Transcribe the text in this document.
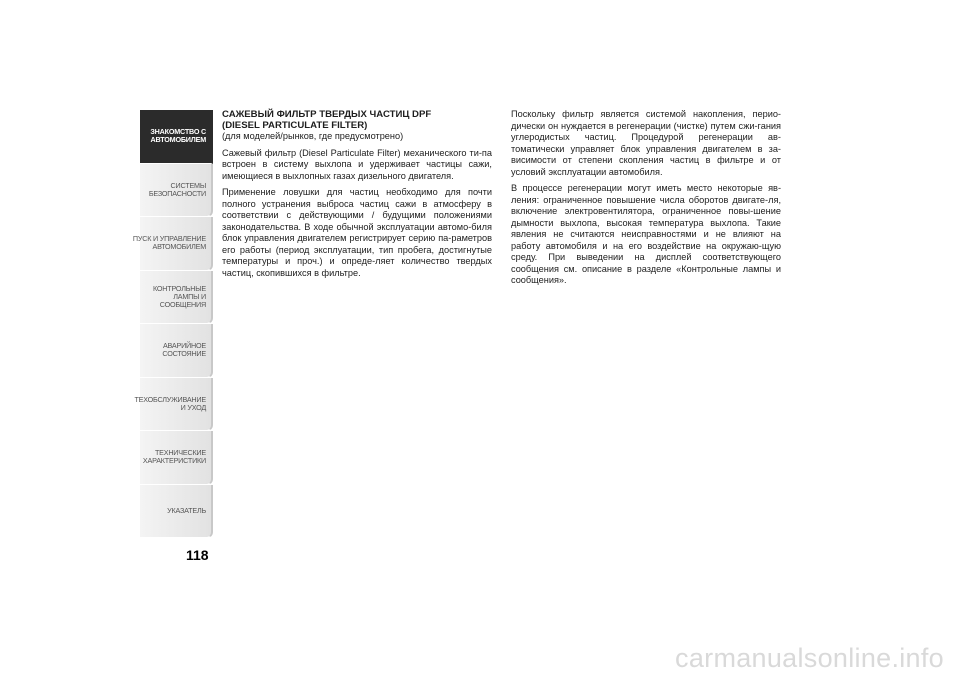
ЗНАКОМСТВО С
АВТОМОБИЛЕМ
СИСТЕМЫ
БЕЗОПАСНОСТИ
ПУСК И УПРАВЛЕНИЕ
АВТОМОБИЛЕМ
КОНТРОЛЬНЫЕ
ЛАМПЫ И
СООБЩЕНИЯ
АВАРИЙНОЕ
СОСТОЯНИЕ
ТЕХОБСЛУЖИВАНИЕ
И УХОД
ТЕХНИЧЕСКИЕ
ХАРАКТЕРИСТИКИ
УКАЗАТЕЛЬ
118

САЖЕВЫЙ ФИЛЬТР ТВЕРДЫХ ЧАСТИЦ DPF

(DIESEL PARTICULATE FILTER)

(для моделей/рынков, где предусмотрено)

Сажевый фильтр (Diesel Particulate Filter) механического ти-па встроен в систему выхлопа и удерживает частицы сажи, имеющиеся в выхлопных газах дизельного двигателя.

Применение ловушки для частиц необходимо для почти полного устранения выброса частиц сажи в атмосферу в соответствии с действующими / будущими положениями законодательства. В ходе обычной эксплуатации автомо-биля блок управления двигателем регистрирует серию па-раметров его работы (период эксплуатации, тип пробега, достигнутые температуры и проч.) и опреде-ляет количество твердых частиц, скопившихся в фильтре.

Поскольку фильтр является системой накопления, перио-дически он нуждается в регенерации (чистке) путем сжи-гания углеродистых частиц. Процедурой регенерации ав-томатически управляет блок управления двигателем в за-висимости от степени скопления частиц в фильтре и от условий эксплуатации автомобиля.

В процессе регенерации могут иметь место некоторые яв-ления: ограниченное повышение числа оборотов двигате-ля, включение электровентилятора, ограниченное повы-шение дымности выхлопа, высокая температура выхлопа. Такие явления не считаются неисправностями и не влияют на работу автомобиля и на его воздействие на окружаю-щую среду. При выведении на дисплей соответствующего сообщения см. описание в разделе «Контрольные лампы и сообщения».

carmanualsonline.info
